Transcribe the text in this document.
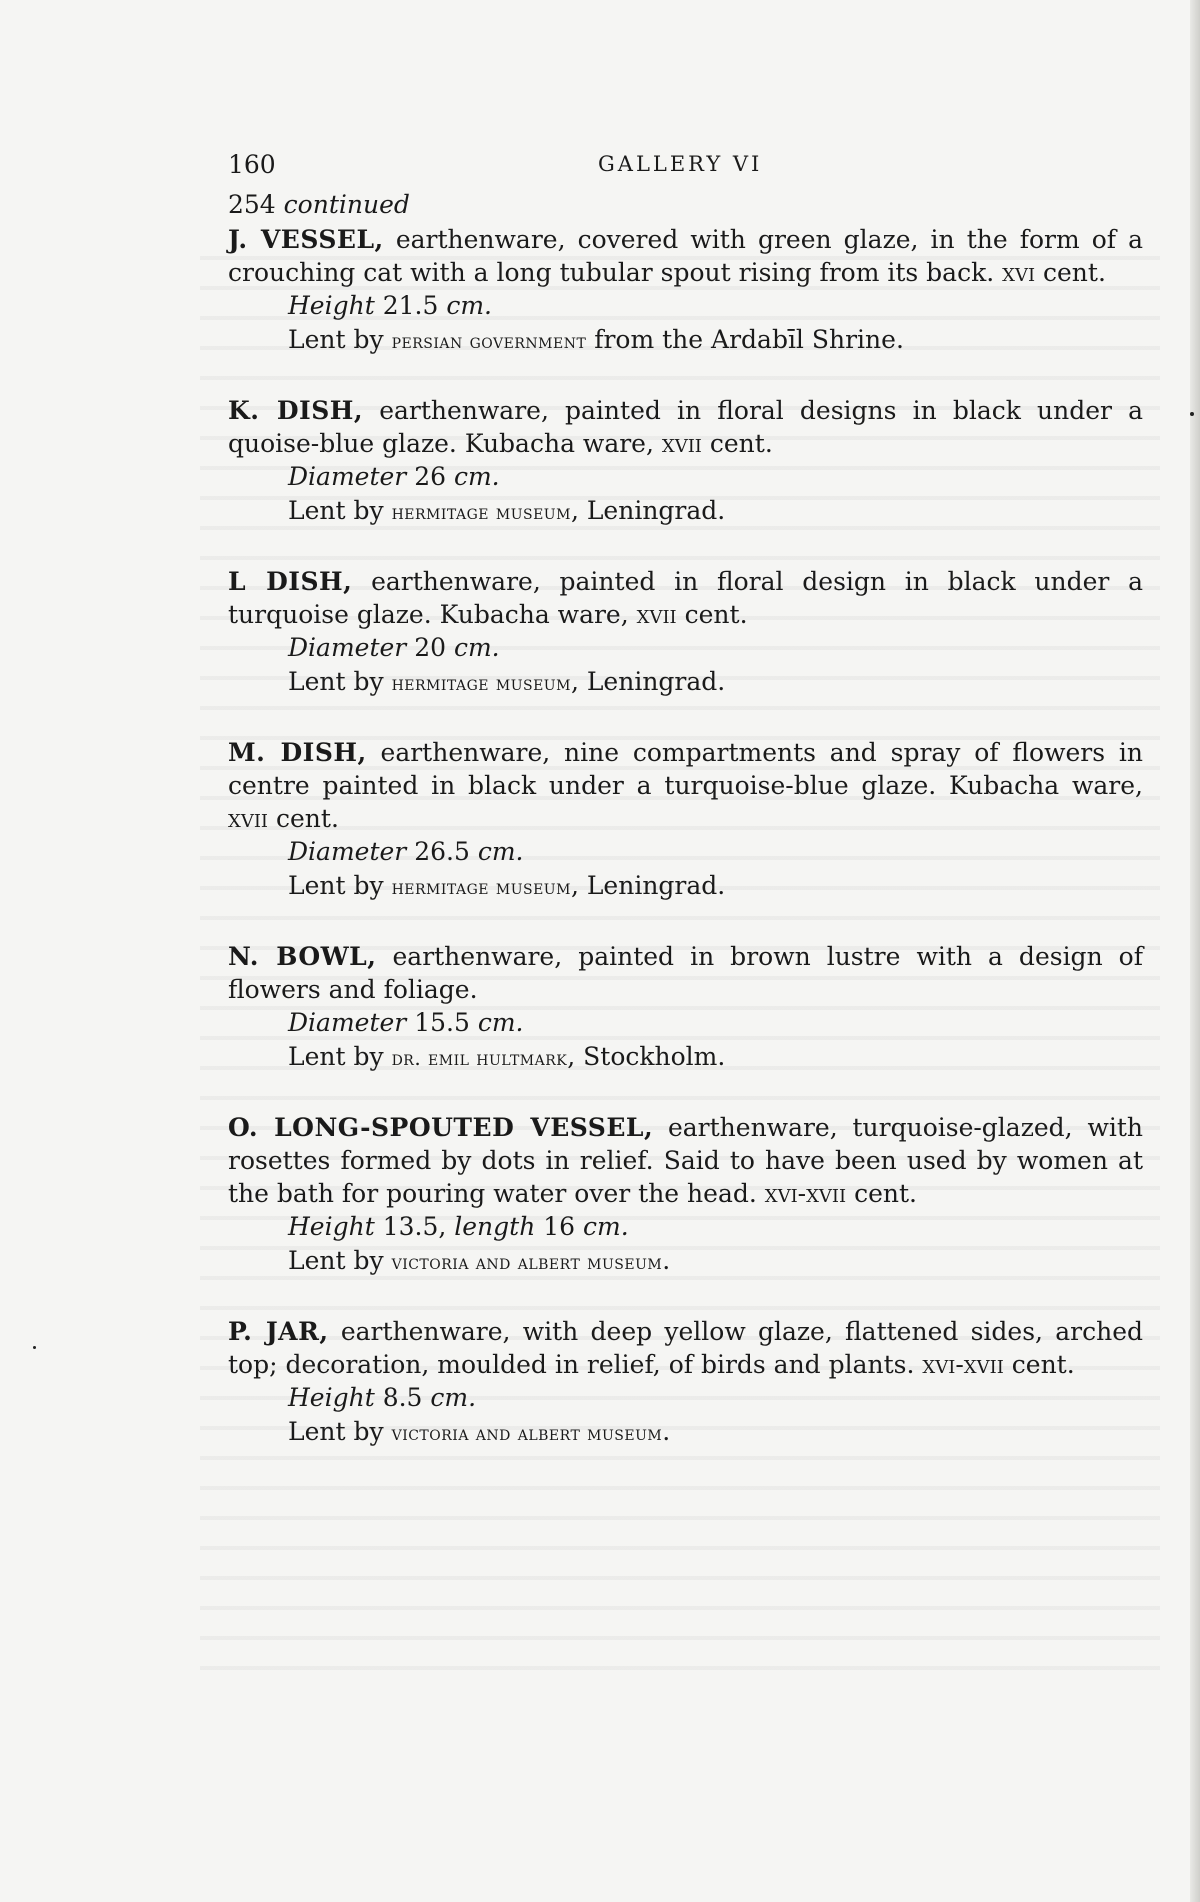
160	GALLERY VI
254 continued
J. VESSEL, earthenware, covered with green glaze, in the form of a crouching cat with a long tubular spout rising from its back. xvi cent.
Height 21.5 cm.
Lent by persian government from the Ardabīl Shrine.
K. DISH, earthenware, painted in floral designs in black under a quoise-blue glaze. Kubacha ware, xvii cent.
Diameter 26 cm.
Lent by hermitage museum, Leningrad.
L DISH, earthenware, painted in floral design in black under a turquoise glaze. Kubacha ware, xvii cent.
Diameter 20 cm.
Lent by hermitage museum, Leningrad.
M. DISH, earthenware, nine compartments and spray of flowers in centre painted in black under a turquoise-blue glaze. Kubacha ware, xvii cent.
Diameter 26.5 cm.
Lent by hermitage museum, Leningrad.
N. BOWL, earthenware, painted in brown lustre with a design of flowers and foliage.
Diameter 15.5 cm.
Lent by dr. emil hultmark, Stockholm.
O. LONG-SPOUTED VESSEL, earthenware, turquoise-glazed, with rosettes formed by dots in relief. Said to have been used by women at the bath for pouring water over the head. xvi-xvii cent.
Height 13.5, length 16 cm.
Lent by victoria and albert museum.
P. JAR, earthenware, with deep yellow glaze, flattened sides, arched top; decoration, moulded in relief, of birds and plants. xvi-xvii cent.
Height 8.5 cm.
Lent by victoria and albert museum.
